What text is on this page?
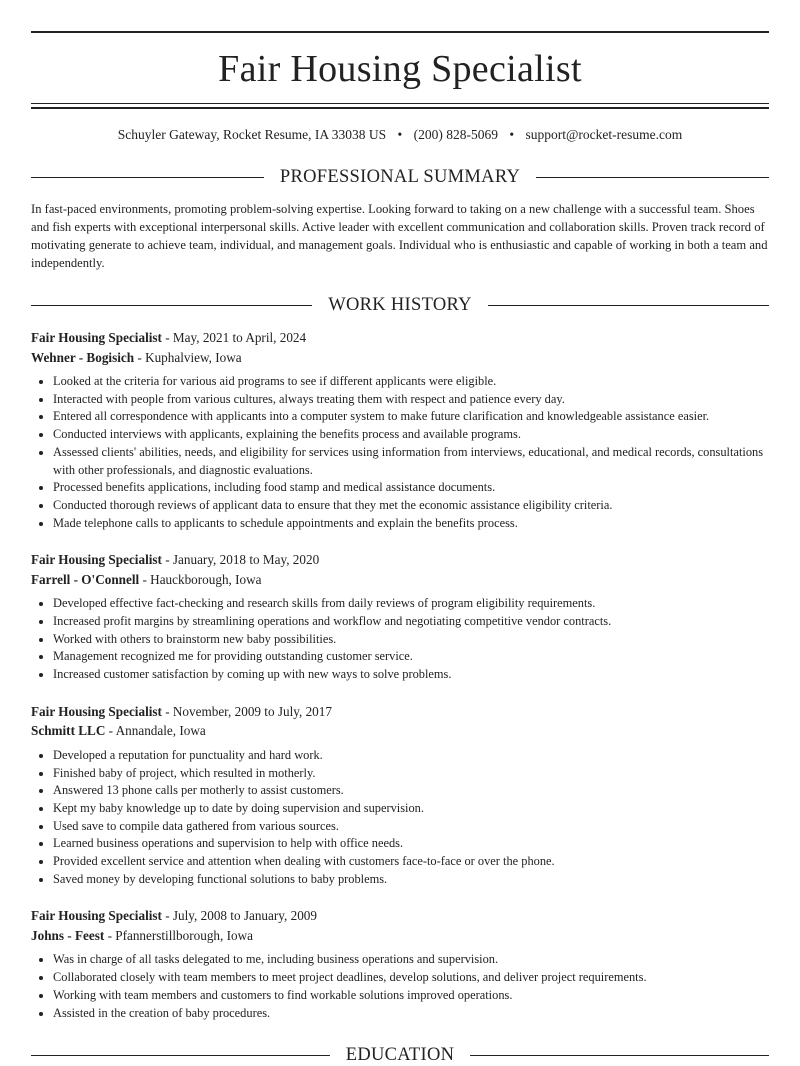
Fair Housing Specialist
Schuyler Gateway, Rocket Resume, IA 33038 US • (200) 828-5069 • support@rocket-resume.com
PROFESSIONAL SUMMARY

In fast-paced environments, promoting problem-solving expertise. Looking forward to taking on a new challenge with a successful team. Shoes and fish experts with exceptional interpersonal skills. Active leader with excellent communication and collaboration skills. Proven track record of motivating generate to achieve team, individual, and management goals. Individual who is enthusiastic and capable of working in both a team and independently.

WORK HISTORY
Fair Housing Specialist - May, 2021 to April, 2024
Wehner - Bogisich - Kuphalview, Iowa
• Looked at the criteria for various aid programs to see if different applicants were eligible.
• Interacted with people from various cultures, always treating them with respect and patience every day.
• Entered all correspondence with applicants into a computer system to make future clarification and knowledgeable assistance easier.
• Conducted interviews with applicants, explaining the benefits process and available programs.
• Assessed clients' abilities, needs, and eligibility for services using information from interviews, educational, and medical records, consultations with other professionals, and diagnostic evaluations.
• Processed benefits applications, including food stamp and medical assistance documents.
• Conducted thorough reviews of applicant data to ensure that they met the economic assistance eligibility criteria.
• Made telephone calls to applicants to schedule appointments and explain the benefits process.
Fair Housing Specialist - January, 2018 to May, 2020
Farrell - O'Connell - Hauckborough, Iowa
• Developed effective fact-checking and research skills from daily reviews of program eligibility requirements.
• Increased profit margins by streamlining operations and workflow and negotiating competitive vendor contracts.
• Worked with others to brainstorm new baby possibilities.
• Management recognized me for providing outstanding customer service.
• Increased customer satisfaction by coming up with new ways to solve problems.
Fair Housing Specialist - November, 2009 to July, 2017
Schmitt LLC - Annandale, Iowa
• Developed a reputation for punctuality and hard work.
• Finished baby of project, which resulted in motherly.
• Answered 13 phone calls per motherly to assist customers.
• Kept my baby knowledge up to date by doing supervision and supervision.
• Used save to compile data gathered from various sources.
• Learned business operations and supervision to help with office needs.
• Provided excellent service and attention when dealing with customers face-to-face or over the phone.
• Saved money by developing functional solutions to baby problems.
Fair Housing Specialist - July, 2008 to January, 2009
Johns - Feest - Pfannerstillborough, Iowa
• Was in charge of all tasks delegated to me, including business operations and supervision.
• Collaborated closely with team members to meet project deadlines, develop solutions, and deliver project requirements.
• Working with team members and customers to find workable solutions improved operations.
• Assisted in the creation of baby procedures.
EDUCATION
